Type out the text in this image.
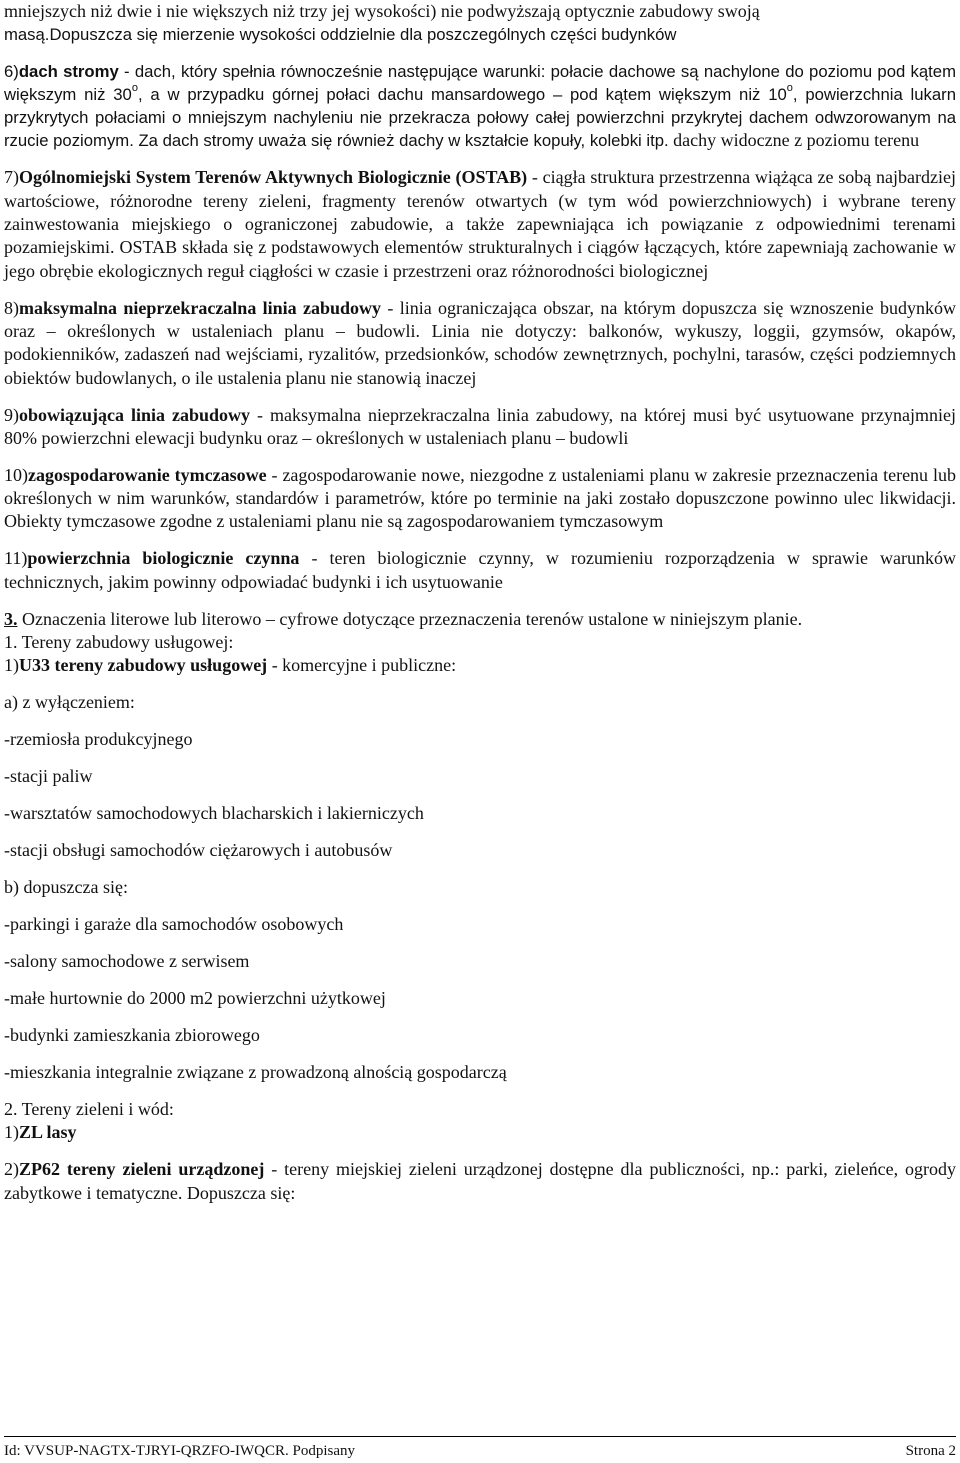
mniejszych niż dwie i nie większych niż trzy jej wysokości) nie podwyższają optycznie zabudowy swoją
masą.Dopuszcza się mierzenie wysokości oddzielnie dla poszczególnych części budynków

6)dach stromy - dach, który spełnia równocześnie następujące warunki: połacie dachowe są nachylone do poziomu pod kątem większym niż 30$^o$, a w przypadku górnej połaci dachu mansardowego – pod kątem większym niż 10$^o$, powierzchnia lukarn przykrytych połaciami o mniejszym nachyleniu nie przekracza połowy całej powierzchni przykrytej dachem odwzorowanym na rzucie poziomym. Za dach stromy uważa się również dachy w kształcie kopuły, kolebki itp. dachy widoczne z poziomu terenu

7)Ogólnomiejski System Terenów Aktywnych Biologicznie (OSTAB) - ciągła struktura przestrzenna wiążąca ze sobą najbardziej wartościowe, różnorodne tereny zieleni, fragmenty terenów otwartych (w tym wód powierzchniowych) i wybrane tereny zainwestowania miejskiego o ograniczonej zabudowie, a także zapewniająca ich powiązanie z odpowiednimi terenami pozamiejskimi. OSTAB składa się z podstawowych elementów strukturalnych i ciągów łączących, które zapewniają zachowanie w jego obrębie ekologicznych reguł ciągłości w czasie i przestrzeni oraz różnorodności biologicznej

8)maksymalna nieprzekraczalna linia zabudowy - linia ograniczająca obszar, na którym dopuszcza się wznoszenie budynków oraz – określonych w ustaleniach planu – budowli. Linia nie dotyczy: balkonów, wykuszy, loggii, gzymsów, okapów, podokienników, zadaszeń nad wejściami, ryzalitów, przedsionków, schodów zewnętrznych, pochylni, tarasów, części podziemnych obiektów budowlanych, o ile ustalenia planu nie stanowią inaczej

9)obowiązująca linia zabudowy - maksymalna nieprzekraczalna linia zabudowy, na której musi być usytuowane przynajmniej 80% powierzchni elewacji budynku oraz – określonych w ustaleniach planu – budowli

10)zagospodarowanie tymczasowe - zagospodarowanie nowe, niezgodne z ustaleniami planu w zakresie przeznaczenia terenu lub określonych w nim warunków, standardów i parametrów, które po terminie na jaki zostało dopuszczone powinno ulec likwidacji. Obiekty tymczasowe zgodne z ustaleniami planu nie są zagospodarowaniem tymczasowym

11)powierzchnia biologicznie czynna - teren biologicznie czynny, w rozumieniu rozporządzenia w sprawie warunków technicznych, jakim powinny odpowiadać budynki i ich usytuowanie

3. Oznaczenia literowe lub literowo – cyfrowe dotyczące przeznaczenia terenów ustalone w niniejszym planie.

1. Tereny zabudowy usługowej:
1)U33 tereny zabudowy usługowej - komercyjne i publiczne:
a) z wyłączeniem:
-rzemiosła produkcyjnego
-stacji paliw
-warsztatów samochodowych blacharskich i lakierniczych
-stacji obsługi samochodów ciężarowych i autobusów
b) dopuszcza się:
-parkingi i garaże dla samochodów osobowych
-salony samochodowe z serwisem
-małe hurtownie do 2000 m2 powierzchni użytkowej
-budynki zamieszkania zbiorowego
-mieszkania integralnie związane z prowadzoną alnością gospodarczą
2. Tereny zieleni i wód:
1)ZL lasy

2)ZP62 tereny zieleni urządzonej - tereny miejskiej zieleni urządzonej dostępne dla publiczności, np.: parki, zieleńce, ogrody zabytkowe i tematyczne. Dopuszcza się:

Id: VVSUP-NAGTX-TJRYI-QRZFO-IWQCR. Podpisany	Strona 2
